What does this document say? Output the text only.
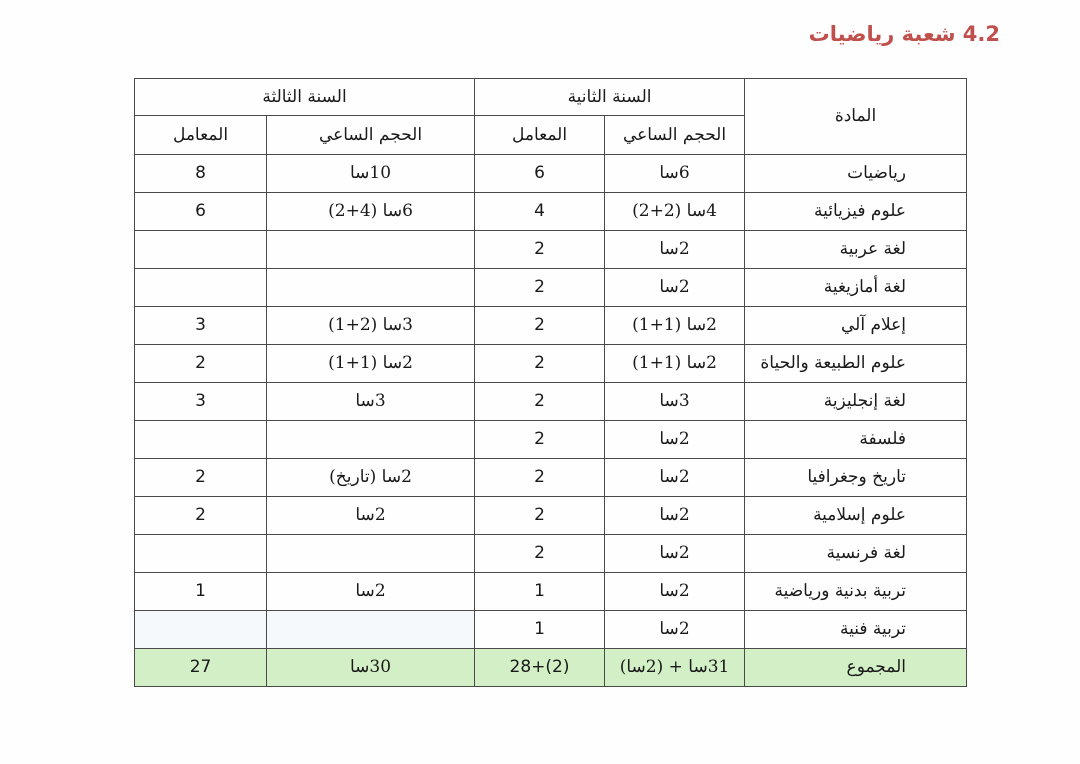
4.2 شعبة رياضيات
المادة	السنة الثانية		السنة الثالثة	
	الحجم الساعي	المعامل	الحجم الساعي	المعامل
رياضيات	6سا	6	10سا	8
علوم فيزيائية	4سا (2+2)	4	6سا (4+2)	6
لغة عربية	2سا	2		
لغة أمازيغية	2سا	2		
إعلام آلي	2سا (1+1)	2	3سا (2+1)	3
علوم الطبيعة والحياة	2سا (1+1)	2	2سا (1+1)	2
لغة إنجليزية	3سا	2	3سا	3
فلسفة	2سا	2		
تاريخ وجغرافيا	2سا	2	2سا (تاريخ)	2
علوم إسلامية	2سا	2	2سا	2
لغة فرنسية	2سا	2		
تربية بدنية ورياضية	2سا	1	2سا	1
تربية فنية	2سا	1		
المجموع	31سا + (2سا)	28+(2)	30سا	27
